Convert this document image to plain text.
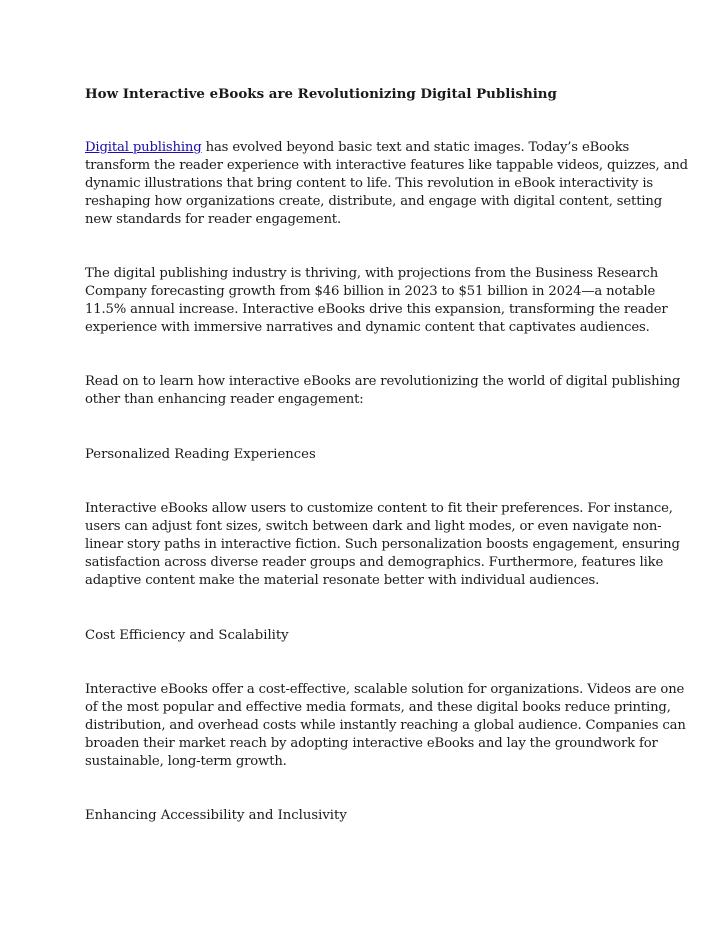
How Interactive eBooks are Revolutionizing Digital Publishing

Digital publishing has evolved beyond basic text and static images. Today’s eBooks
transform the reader experience with interactive features like tappable videos, quizzes, and
dynamic illustrations that bring content to life. This revolution in eBook interactivity is
reshaping how organizations create, distribute, and engage with digital content, setting
new standards for reader engagement.

The digital publishing industry is thriving, with projections from the Business Research
Company forecasting growth from $46 billion in 2023 to $51 billion in 2024—a notable
11.5% annual increase. Interactive eBooks drive this expansion, transforming the reader
experience with immersive narratives and dynamic content that captivates audiences.

Read on to learn how interactive eBooks are revolutionizing the world of digital publishing
other than enhancing reader engagement:

Personalized Reading Experiences

Interactive eBooks allow users to customize content to fit their preferences. For instance,
users can adjust font sizes, switch between dark and light modes, or even navigate non-
linear story paths in interactive fiction. Such personalization boosts engagement, ensuring
satisfaction across diverse reader groups and demographics. Furthermore, features like
adaptive content make the material resonate better with individual audiences.

Cost Efficiency and Scalability

Interactive eBooks offer a cost-effective, scalable solution for organizations. Videos are one
of the most popular and effective media formats, and these digital books reduce printing,
distribution, and overhead costs while instantly reaching a global audience. Companies can
broaden their market reach by adopting interactive eBooks and lay the groundwork for
sustainable, long-term growth.

Enhancing Accessibility and Inclusivity
